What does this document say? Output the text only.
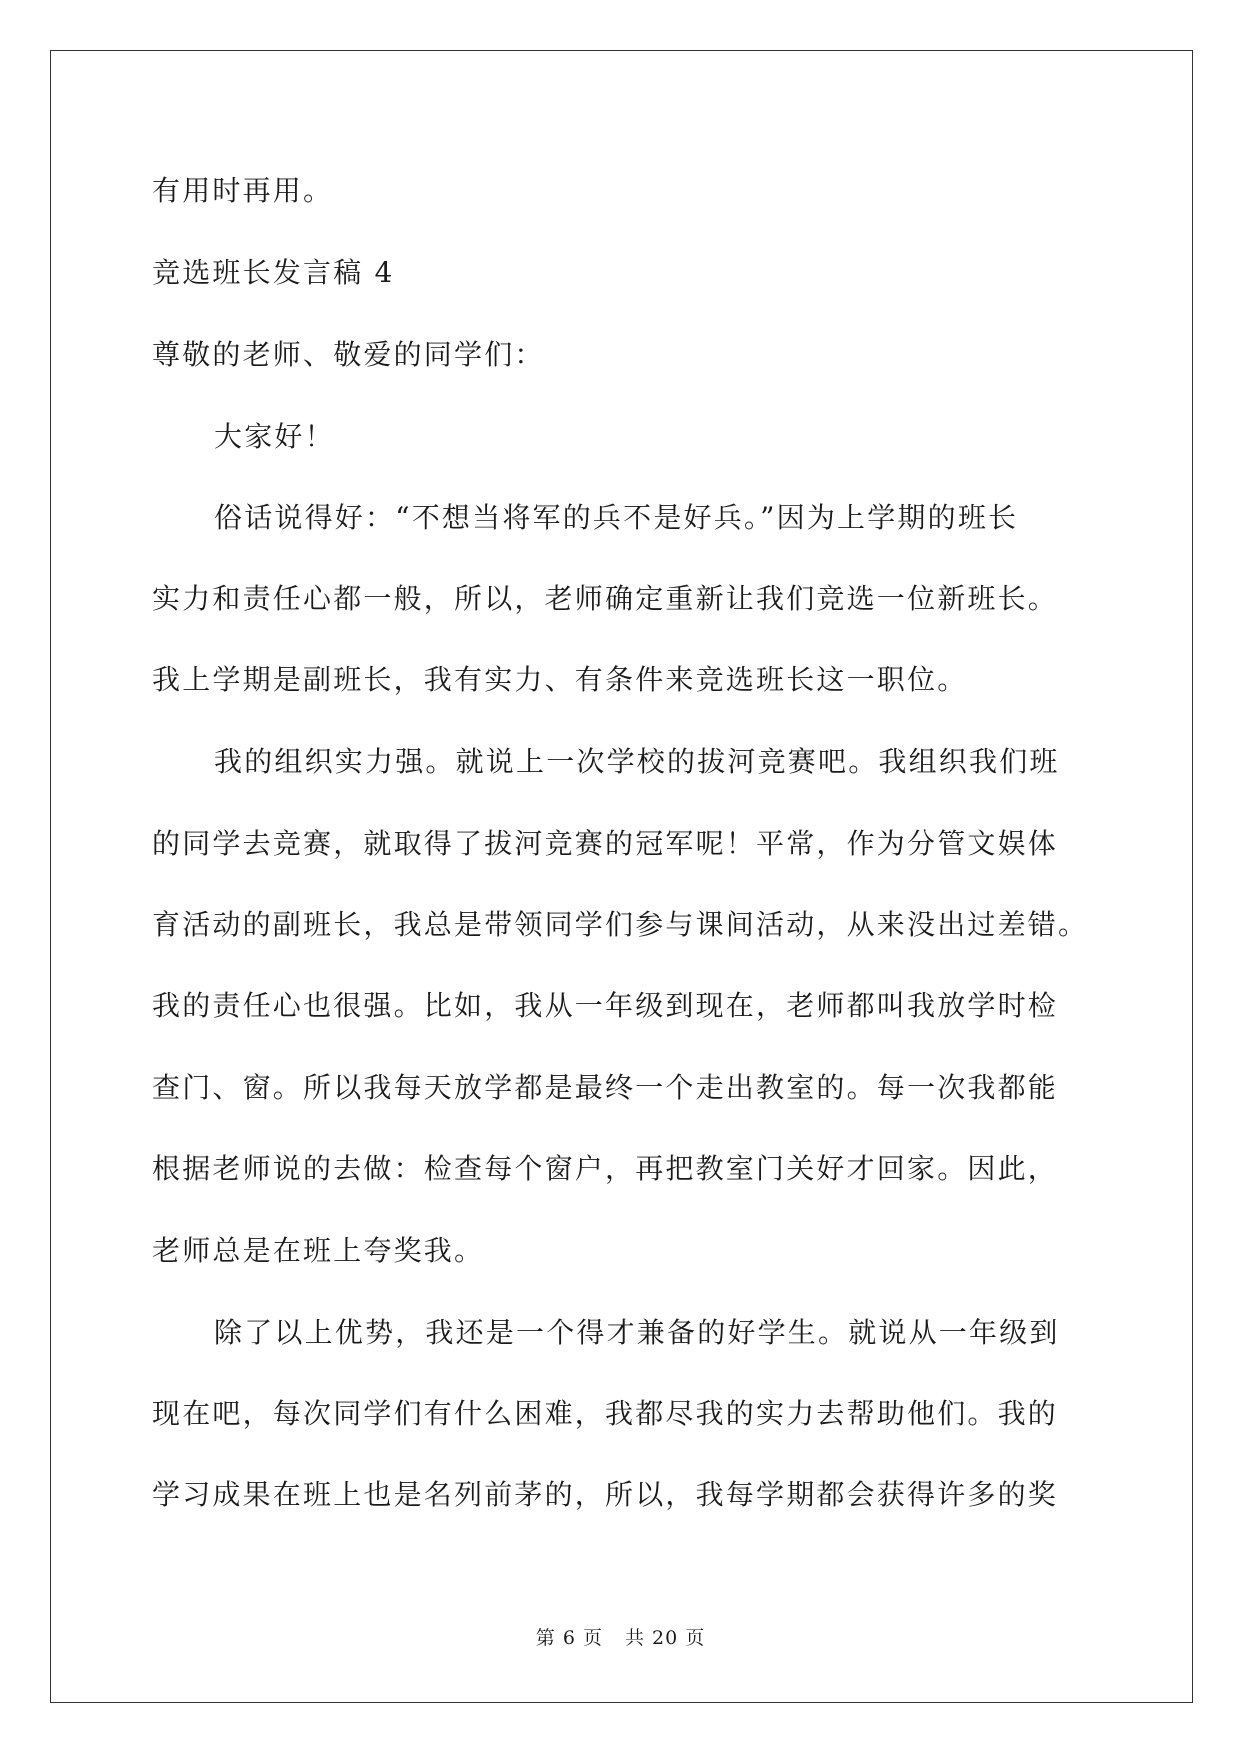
有用时再用。
竞选班长发言稿 4
尊敬的老师、敬爱的同学们：
大家好！
俗话说得好：“不想当将军的兵不是好兵。”因为上学期的班长
实力和责任心都一般，所以，老师确定重新让我们竞选一位新班长。
我上学期是副班长，我有实力、有条件来竞选班长这一职位。
我的组织实力强。就说上一次学校的拔河竞赛吧。我组织我们班
的同学去竞赛，就取得了拔河竞赛的冠军呢！平常，作为分管文娱体
育活动的副班长，我总是带领同学们参与课间活动，从来没出过差错。
我的责任心也很强。比如，我从一年级到现在，老师都叫我放学时检
查门、窗。所以我每天放学都是最终一个走出教室的。每一次我都能
根据老师说的去做：检查每个窗户，再把教室门关好才回家。因此，
老师总是在班上夸奖我。
除了以上优势，我还是一个得才兼备的好学生。就说从一年级到
现在吧，每次同学们有什么困难，我都尽我的实力去帮助他们。我的
学习成果在班上也是名列前茅的，所以，我每学期都会获得许多的奖
第 6 页 共 20 页
